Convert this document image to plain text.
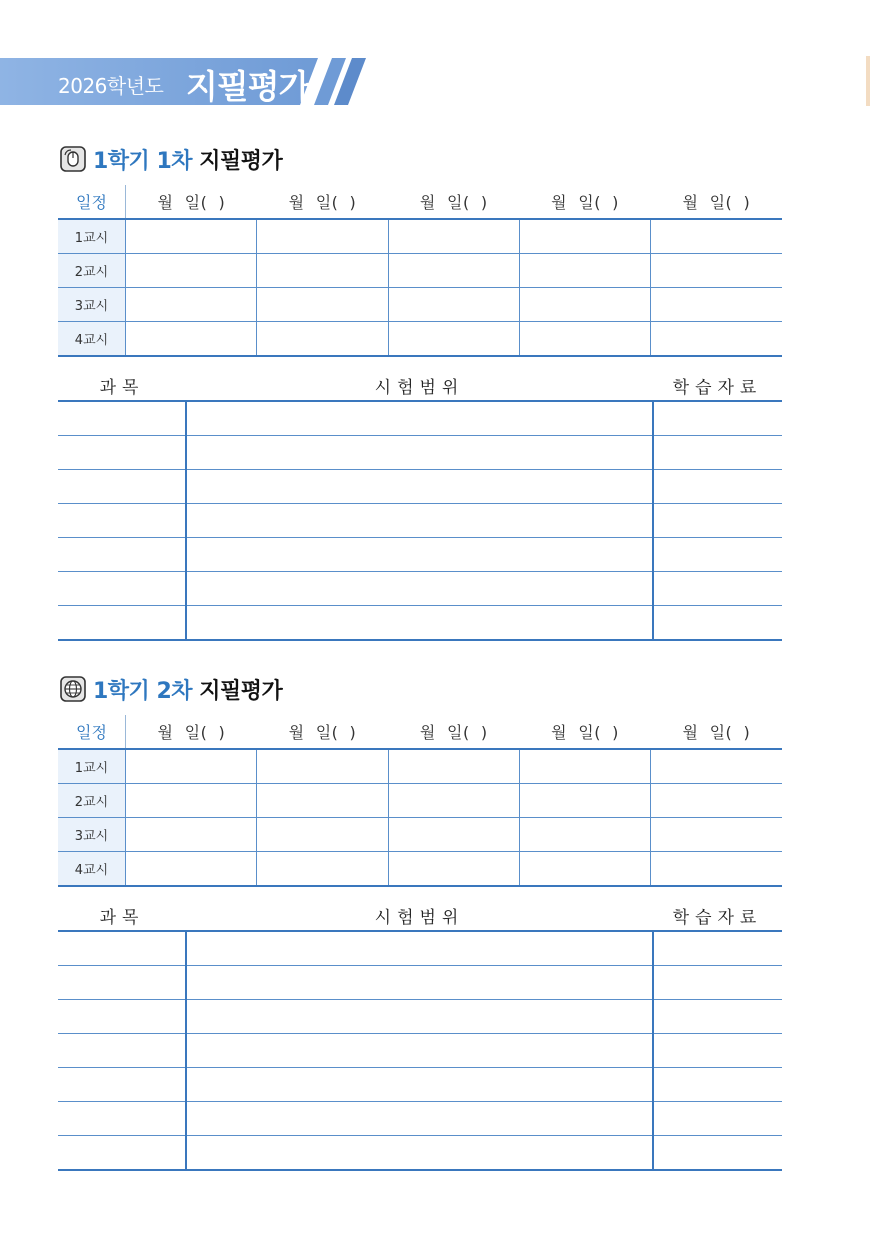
2026학년도 지필평가
1학기 1차 지필평가
일정	월  일(  )	월  일(  )	월  일(  )	월  일(  )	월  일(  )
1교시					
2교시					
3교시					
4교시					
과목	시험범위	학습자료

1학기 2차 지필평가
일정	월  일(  )	월  일(  )	월  일(  )	월  일(  )	월  일(  )
1교시					
2교시					
3교시					
4교시					
과목	시험범위	학습자료
